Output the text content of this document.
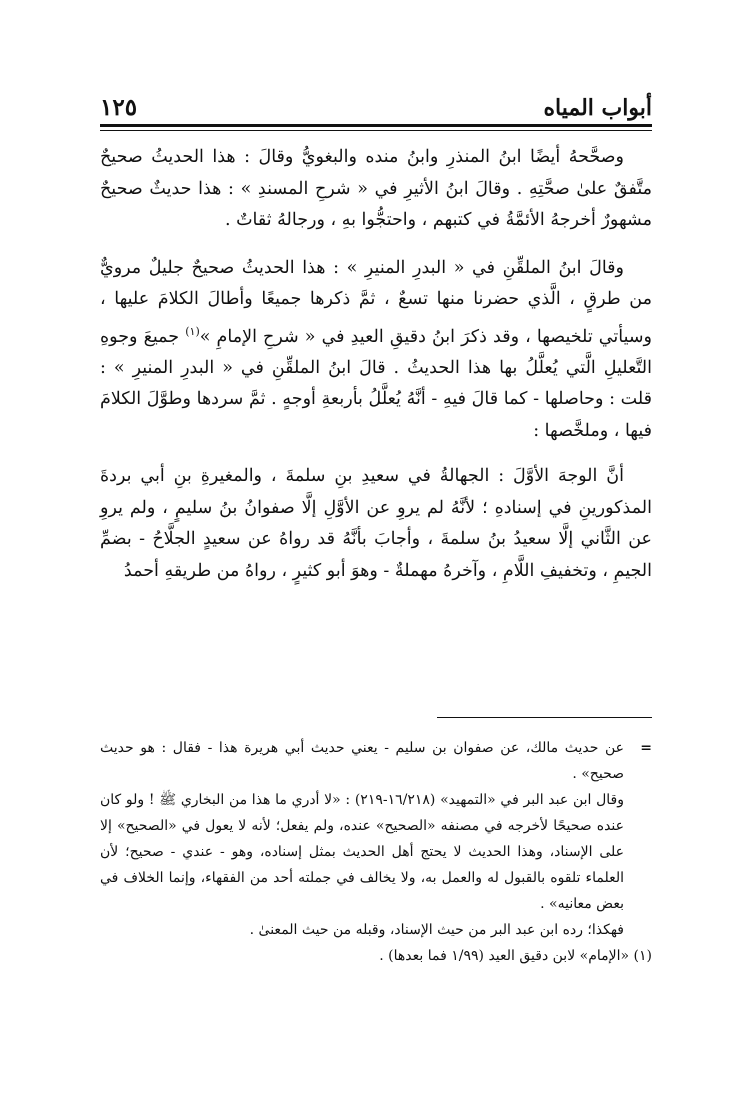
أبواب المياه
١٢٥

وصحَّحهُ أيضًا ابنُ المنذرِ وابنُ منده والبغويُّ وقالَ : هذا الحديثُ صحيحٌ متَّفقٌ علىٰ صحَّتِهِ . وقالَ ابنُ الأثيرِ في « شرحِ المسندِ » : هذا حديثٌ صحيحٌ مشهورٌ أخرجهُ الأئمَّةُ في كتبهم ، واحتجُّوا بهِ ، ورجالهُ ثقاتٌ .

وقالَ ابنُ الملقِّنِ في « البدرِ المنيرِ » : هذا الحديثُ صحيحٌ جليلٌ مرويٌّ من طرقٍ ، الَّذي حضرنا منها تسعٌ ، ثمَّ ذكرها جميعًا وأطالَ الكلامَ عليها ، وسيأتي تلخيصها ، وقد ذكرَ ابنُ دقيقِ العيدِ في « شرحِ الإمامِ »$^{(١)}$ جميعَ وجوهِ التَّعليلِ الَّتي يُعلَّلُ بها هذا الحديثُ . قالَ ابنُ الملقِّنِ في « البدرِ المنيرِ » : قلت : وحاصلها - كما قالَ فيهِ - أنَّهُ يُعلَّلُ بأربعةِ أوجهٍ . ثمَّ سردها وطوَّلَ الكلامَ فيها ، وملخَّصها :

أنَّ الوجهَ الأوَّلَ : الجهالةُ في سعيدِ بنِ سلمةَ ، والمغيرةِ بنِ أبي بردةَ المذكورينِ في إسنادهِ ؛ لأنَّهُ لم يروِ عن الأوَّلِ إلَّا صفوانُ بنُ سليمٍ ، ولم يروِ عن الثَّاني إلَّا سعيدُ بنُ سلمةَ ، وأجابَ بأنَّهُ قد رواهُ عن سعيدٍ الجلَّاحُ - بضمِّ الجيمِ ، وتخفيفِ اللَّامِ ، وآخرهُ مهملةٌ - وهوَ أبو كثيرٍ ، رواهُ من طريقهِ أحمدُ

=
عن حديث مالك، عن صفوان بن سليم - يعني حديث أبي هريرة هذا - فقال : هو حديث صحيح» .

وقال ابن عبد البر في «التمهيد» (١٦/٢١٨-٢١٩) : «لا أدري ما هذا من البخاري ﷺ ! ولو كان عنده صحيحًا لأخرجه في مصنفه «الصحيح» عنده، ولم يفعل؛ لأنه لا يعول في «الصحيح» إلا على الإسناد، وهذا الحديث لا يحتج أهل الحديث بمثل إسناده، وهو - عندي - صحيح؛ لأن العلماء تلقوه بالقبول له والعمل به، ولا يخالف في جملته أحد من الفقهاء، وإنما الخلاف في بعض معانيه» .

فهكذا؛ رده ابن عبد البر من حيث الإسناد، وقبله من حيث المعنىٰ .

(١) «الإمام» لابن دقيق العيد (١/٩٩ فما بعدها) .
